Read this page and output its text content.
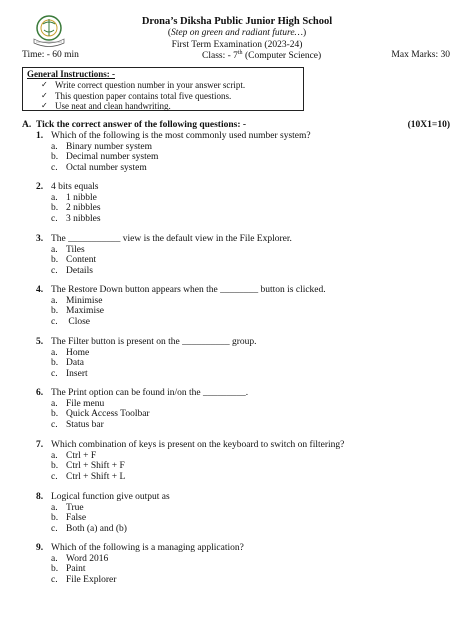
Drona’s Diksha Public Junior High School
(Step on green and radiant future…)
First Term Examination (2023-24)
Time: - 60 min	Class: - 7th (Computer Science)	Max Marks: 30
General Instructions: -
✓ Write correct question number in your answer script.
✓ This question paper contains total five questions.
✓ Use neat and clean handwriting.
A. Tick the correct answer of the following questions: -	(10X1=10)
1. Which of the following is the most commonly used number system?
a. Binary number system
b. Decimal number system
c. Octal number system
2. 4 bits equals
a. 1 nibble
b. 2 nibbles
c. 3 nibbles
3. The ___________ view is the default view in the File Explorer.
a. Tiles
b. Content
c. Details
4. The Restore Down button appears when the ________ button is clicked.
a. Minimise
b. Maximise
c. Close
5. The Filter button is present on the __________ group.
a. Home
b. Data
c. Insert
6. The Print option can be found in/on the _________.
a. File menu
b. Quick Access Toolbar
c. Status bar
7. Which combination of keys is present on the keyboard to switch on filtering?
a. Ctrl + F
b. Ctrl + Shift + F
c. Ctrl + Shift + L
8. Logical function give output as
a. True
b. False
c. Both (a) and (b)
9. Which of the following is a managing application?
a. Word 2016
b. Paint
c. File Explorer
